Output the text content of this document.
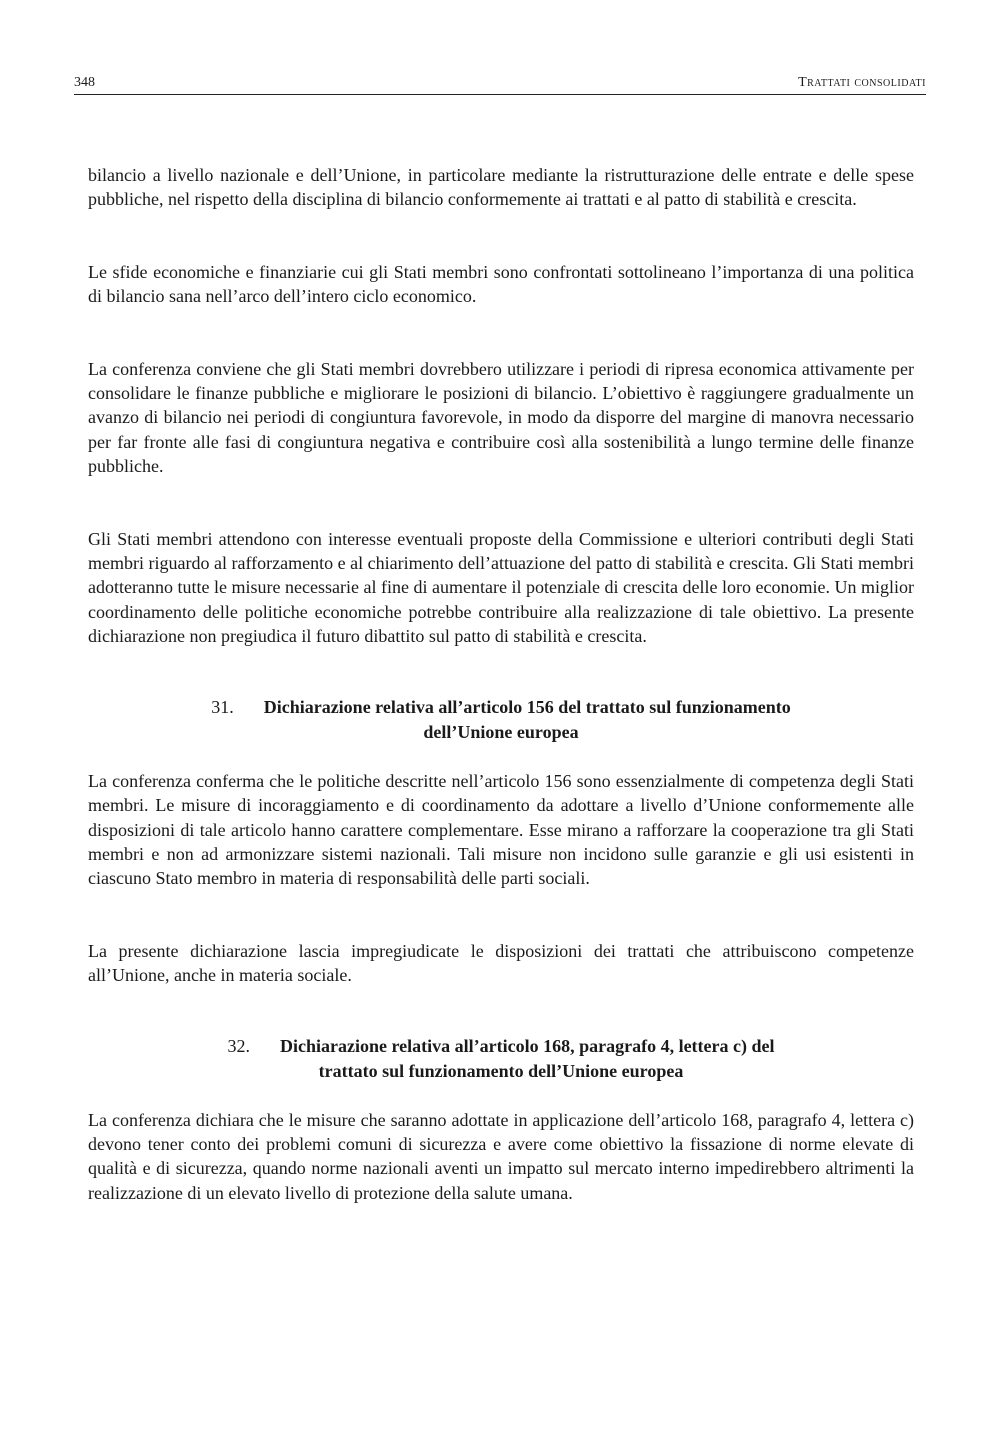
348	Trattati consolidati

bilancio a livello nazionale e dell’Unione, in particolare mediante la ristrutturazione delle entrate e delle spese pubbliche, nel rispetto della disciplina di bilancio conformemente ai trattati e al patto di stabilità e crescita.

Le sfide economiche e finanziarie cui gli Stati membri sono confrontati sottolineano l’importanza di una politica di bilancio sana nell’arco dell’intero ciclo economico.

La conferenza conviene che gli Stati membri dovrebbero utilizzare i periodi di ripresa economica attivamente per consolidare le finanze pubbliche e migliorare le posizioni di bilancio. L’obiettivo è raggiungere gradualmente un avanzo di bilancio nei periodi di congiuntura favorevole, in modo da disporre del margine di manovra necessario per far fronte alle fasi di congiuntura negativa e contribuire così alla sostenibilità a lungo termine delle finanze pubbliche.

Gli Stati membri attendono con interesse eventuali proposte della Commissione e ulteriori contributi degli Stati membri riguardo al rafforzamento e al chiarimento dell’attuazione del patto di stabilità e crescita. Gli Stati membri adotteranno tutte le misure necessarie al fine di aumentare il potenziale di crescita delle loro economie. Un miglior coordinamento delle politiche economiche potrebbe contribuire alla realizzazione di tale obiettivo. La presente dichiarazione non pregiudica il futuro dibattito sul patto di stabilità e crescita.

31. Dichiarazione relativa all’articolo 156 del trattato sul funzionamento
dell’Unione europea

La conferenza conferma che le politiche descritte nell’articolo 156 sono essenzialmente di competenza degli Stati membri. Le misure di incoraggiamento e di coordinamento da adottare a livello d’Unione conformemente alle disposizioni di tale articolo hanno carattere complementare. Esse mirano a rafforzare la cooperazione tra gli Stati membri e non ad armonizzare sistemi nazionali. Tali misure non incidono sulle garanzie e gli usi esistenti in ciascuno Stato membro in materia di responsabilità delle parti sociali.

La presente dichiarazione lascia impregiudicate le disposizioni dei trattati che attribuiscono competenze all’Unione, anche in materia sociale.

32. Dichiarazione relativa all’articolo 168, paragrafo 4, lettera c) del
trattato sul funzionamento dell’Unione europea

La conferenza dichiara che le misure che saranno adottate in applicazione dell’articolo 168, paragrafo 4, lettera c) devono tener conto dei problemi comuni di sicurezza e avere come obiettivo la fissazione di norme elevate di qualità e di sicurezza, quando norme nazionali aventi un impatto sul mercato interno impedirebbero altrimenti la realizzazione di un elevato livello di protezione della salute umana.
